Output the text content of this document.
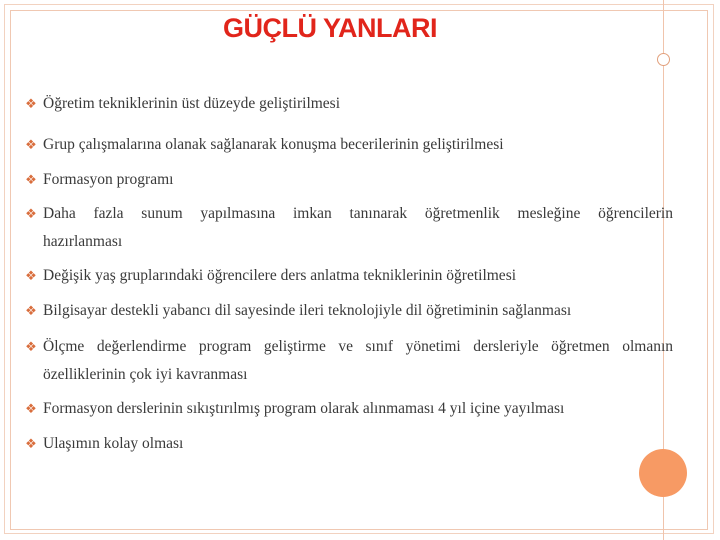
GÜÇLÜ YANLARI
❖ Öğretim tekniklerinin üst düzeyde geliştirilmesi
❖ Grup çalışmalarına olanak sağlanarak konuşma becerilerinin geliştirilmesi
❖ Formasyon programı
❖ Daha fazla sunum yapılmasına imkan tanınarak öğretmenlik mesleğine öğrencilerin
hazırlanması
❖ Değişik yaş gruplarındaki öğrencilere ders anlatma tekniklerinin öğretilmesi
❖ Bilgisayar destekli yabancı dil sayesinde ileri teknolojiyle dil öğretiminin sağlanması
❖ Ölçme değerlendirme program geliştirme ve sınıf yönetimi dersleriyle öğretmen olmanın
özelliklerinin çok iyi kavranması
❖ Formasyon derslerinin sıkıştırılmış program olarak alınmaması 4 yıl içine yayılması
❖ Ulaşımın kolay olması
